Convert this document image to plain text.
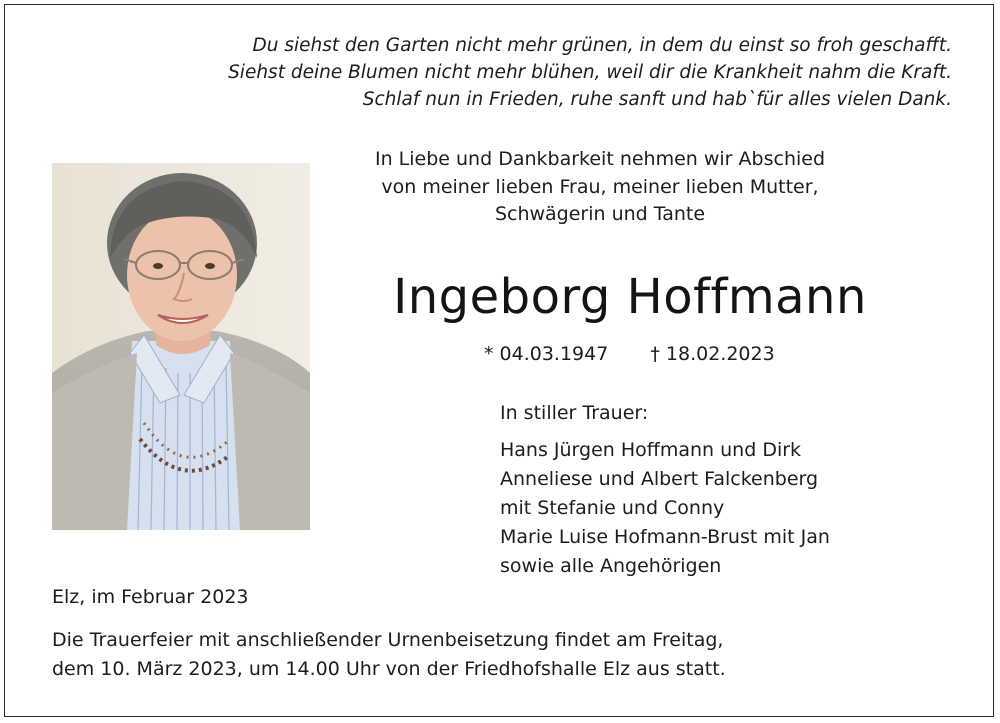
Du siehst den Garten nicht mehr grünen, in dem du einst so froh geschafft.
Siehst deine Blumen nicht mehr blühen, weil dir die Krankheit nahm die Kraft.
Schlaf nun in Frieden, ruhe sanft und hab`für alles vielen Dank.
In Liebe und Dankbarkeit nehmen wir Abschied
von meiner lieben Frau, meiner lieben Mutter,
Schwägerin und Tante
Ingeborg Hoffmann
* 04.03.1947 † 18.02.2023
In stiller Trauer:
Hans Jürgen Hoffmann und Dirk
Anneliese und Albert Falckenberg
mit Stefanie und Conny
Marie Luise Hofmann-Brust mit Jan
sowie alle Angehörigen
Elz, im Februar 2023
Die Trauerfeier mit anschließender Urnenbeisetzung findet am Freitag,
dem 10. März 2023, um 14.00 Uhr von der Friedhofshalle Elz aus statt.
